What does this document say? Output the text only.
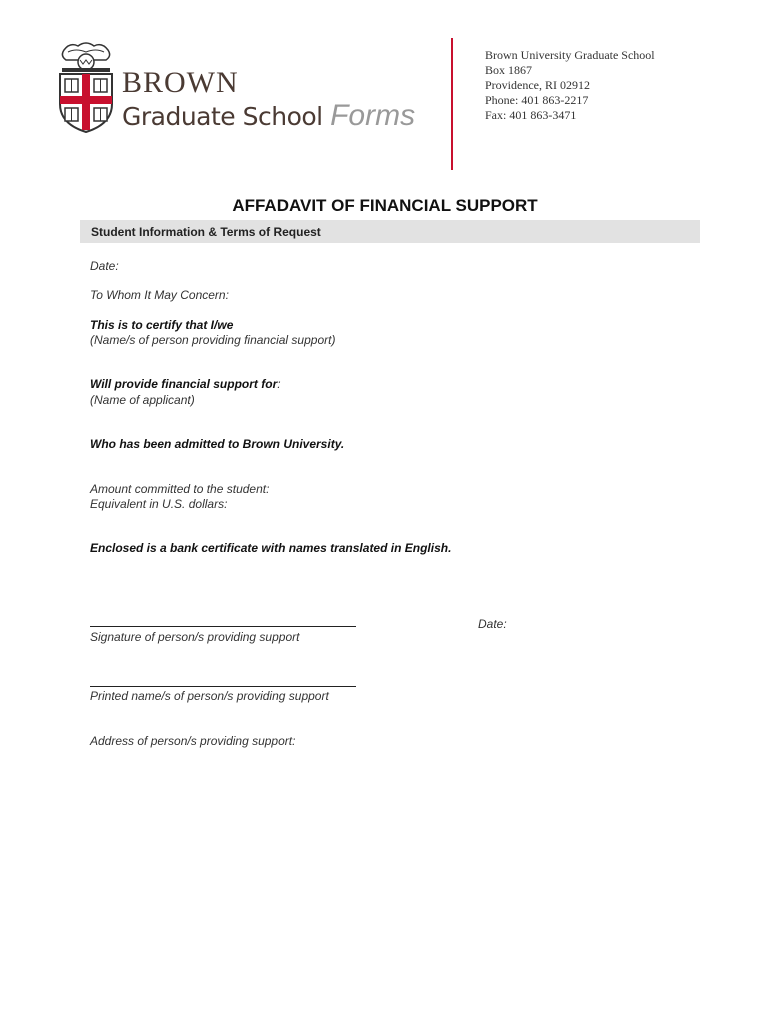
BROWN
Graduate School Forms
Brown University Graduate School
Box 1867
Providence, RI 02912
Phone: 401 863-2217
Fax: 401 863-3471
AFFADAVIT OF FINANCIAL SUPPORT
Student Information & Terms of Request
Date:
To Whom It May Concern:
This is to certify that I/we
(Name/s of person providing financial support)
Will provide financial support for:
(Name of applicant)
Who has been admitted to Brown University.
Amount committed to the student:
Equivalent in U.S. dollars:
Enclosed is a bank certificate with names translated in English.
Signature of person/s providing support
Date:
Printed name/s of person/s providing support
Address of person/s providing support:
